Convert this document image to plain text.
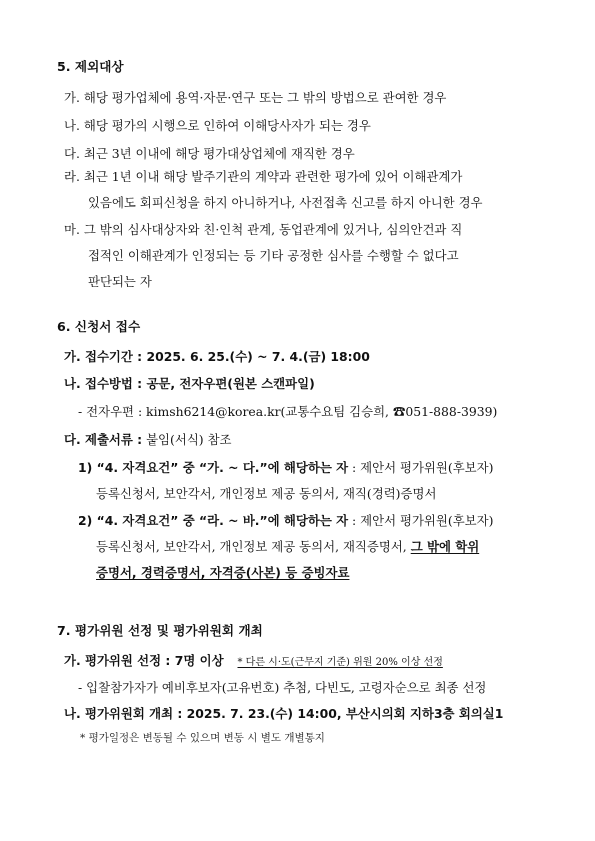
5. 제외대상
가. 해당 평가업체에 용역·자문·연구 또는 그 밖의 방법으로 관여한 경우
나. 해당 평가의 시행으로 인하여 이해당사자가 되는 경우
다. 최근 3년 이내에 해당 평가대상업체에 재직한 경우
라. 최근 1년 이내 해당 발주기관의 계약과 관련한 평가에 있어 이해관계가
있음에도 회피신청을 하지 아니하거나, 사전접촉 신고를 하지 아니한 경우
마. 그 밖의 심사대상자와 친·인척 관계, 동업관계에 있거나, 심의안건과 직
접적인 이해관계가 인정되는 등 기타 공정한 심사를 수행할 수 없다고
판단되는 자
6. 신청서 접수
가. 접수기간 : 2025. 6. 25.(수) ~ 7. 4.(금) 18:00
나. 접수방법 : 공문, 전자우편(원본 스캔파일)
- 전자우편 : kimsh6214@korea.kr(교통수요팀 김승희, ☎051-888-3939)
다. 제출서류 : 붙임(서식) 참조
1) “4. 자격요건” 중 “가. ~ 다.”에 해당하는 자 : 제안서 평가위원(후보자)
등록신청서, 보안각서, 개인정보 제공 동의서, 재직(경력)증명서
2) “4. 자격요건” 중 “라. ~ 바.”에 해당하는 자 : 제안서 평가위원(후보자)
등록신청서, 보안각서, 개인정보 제공 동의서, 재직증명서, 그 밖에 학위
증명서, 경력증명서, 자격증(사본) 등 증빙자료
7. 평가위원 선정 및 평가위원회 개최
가. 평가위원 선정 : 7명 이상 * 다른 시·도(근무지 기준) 위원 20% 이상 선정
- 입찰참가자가 예비후보자(고유번호) 추첨, 다빈도, 고령자순으로 최종 선정
나. 평가위원회 개최 : 2025. 7. 23.(수) 14:00, 부산시의회 지하3층 회의실1
* 평가일정은 변동될 수 있으며 변동 시 별도 개별통지
